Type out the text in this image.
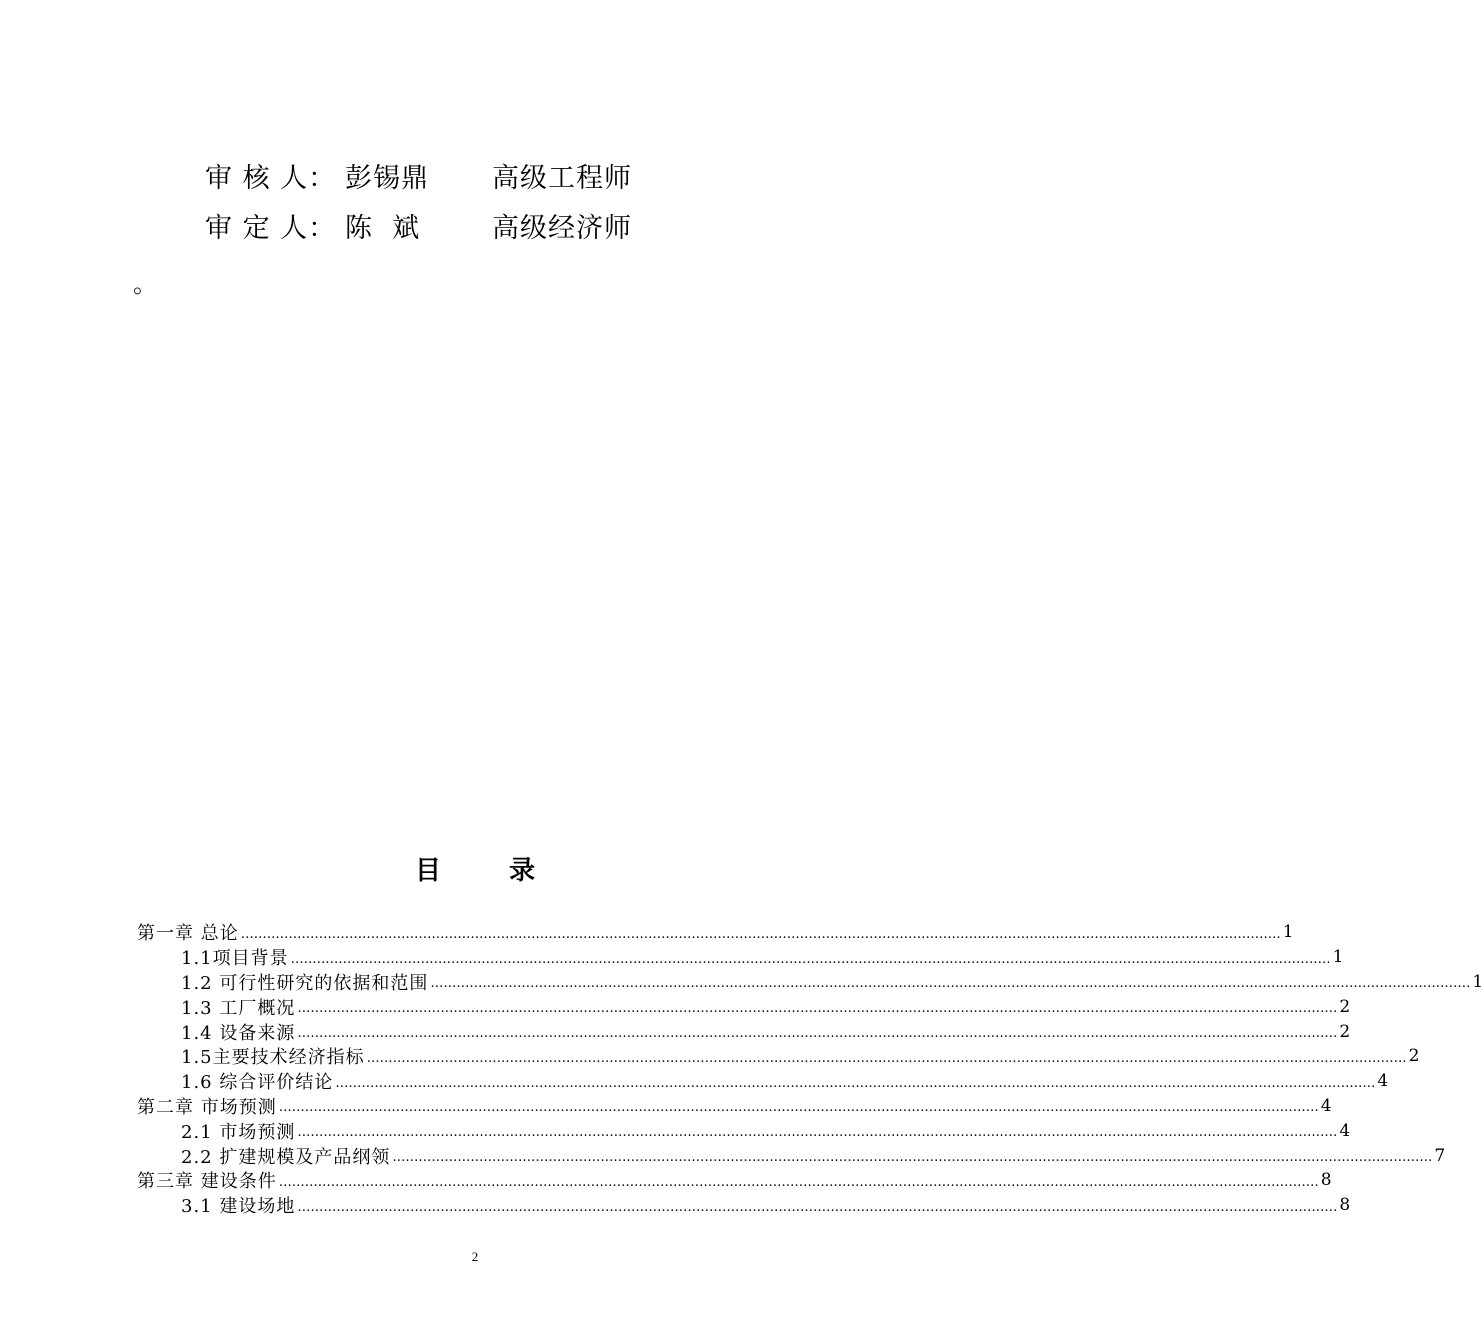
审 核 人： 彭锡鼎 高级工程师
审 定 人： 陈  斌	高级经济师
。
目	录
第一章 总论 …………………………………………………………………………………………………………………………………………………………………………………………………………………… 1
1.1项目背景 …………………………………………………………………………………………………………………………………………………………………………………………………………………… 1
1.2 可行性研究的依据和范围 …………………………………………………………………………………………………………………………………………………………………………………………………………………… 1
1.3 工厂概况 …………………………………………………………………………………………………………………………………………………………………………………………………………………… 2
1.4 设备来源 …………………………………………………………………………………………………………………………………………………………………………………………………………………… 2
1.5主要技术经济指标 …………………………………………………………………………………………………………………………………………………………………………………………………………………… 2
1.6 综合评价结论 …………………………………………………………………………………………………………………………………………………………………………………………………………………… 4
第二章 市场预测 …………………………………………………………………………………………………………………………………………………………………………………………………………………… 4
2.1 市场预测 …………………………………………………………………………………………………………………………………………………………………………………………………………………… 4
2.2 扩建规模及产品纲领 …………………………………………………………………………………………………………………………………………………………………………………………………………………… 7
第三章 建设条件 …………………………………………………………………………………………………………………………………………………………………………………………………………………… 8
3.1 建设场地 …………………………………………………………………………………………………………………………………………………………………………………………………………………… 8
2
